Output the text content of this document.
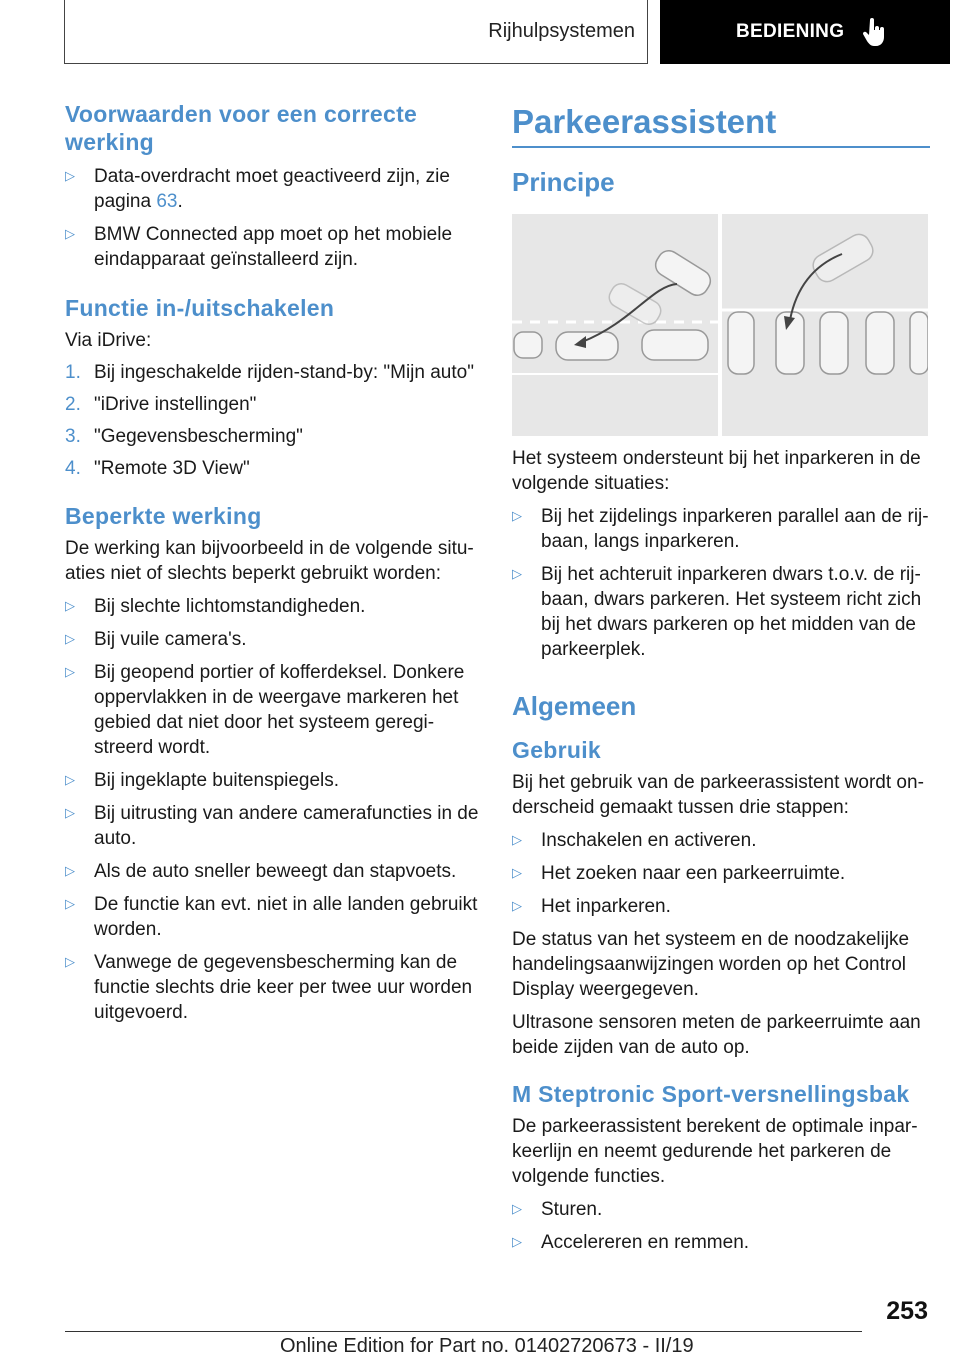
Rijhulpsystemen	BEDIENING
Voorwaarden voor een correcte werking
▷ Data-overdracht moet geactiveerd zijn, zie pagina 63.
▷ BMW Connected app moet op het mobiele eindapparaat geïnstalleerd zijn.
Functie in-/uitschakelen

Via iDrive:

1. Bij ingeschakelde rijden-stand-by: "Mijn auto"
2. "iDrive instellingen"
3. "Gegevensbescherming"
4. "Remote 3D View"
Beperkte werking

De werking kan bijvoorbeeld in de volgende situaties niet of slechts beperkt gebruikt worden:

▷ Bij slechte lichtomstandigheden.
▷ Bij vuile camera's.
▷ Bij geopend portier of kofferdeksel. Donkere oppervlakken in de weergave markeren het gebied dat niet door het systeem geregistreerd wordt.
▷ Bij ingeklapte buitenspiegels.
▷ Bij uitrusting van andere camerafuncties in de auto.
▷ Als de auto sneller beweegt dan stapvoets.
▷ De functie kan evt. niet in alle landen gebruikt worden.
▷ Vanwege de gegevensbescherming kan de functie slechts drie keer per twee uur worden uitgevoerd.
Parkeerassistent
Principe

Het systeem ondersteunt bij het inparkeren in de volgende situaties:

▷ Bij het zijdelings inparkeren parallel aan de rijbaan, langs inparkeren.
▷ Bij het achteruit inparkeren dwars t.o.v. de rijbaan, dwars parkeren. Het systeem richt zich bij het dwars parkeren op het midden van de parkeerplek.
Algemeen
Gebruik

Bij het gebruik van de parkeerassistent wordt onderscheid gemaakt tussen drie stappen:

▷ Inschakelen en activeren.
▷ Het zoeken naar een parkeerruimte.
▷ Het inparkeren.

De status van het systeem en de noodzakelijke handelingsaanwijzingen worden op het Control Display weergegeven.

Ultrasone sensoren meten de parkeerruimte aan beide zijden van de auto op.

M Steptronic Sport-versnellingsbak

De parkeerassistent berekent de optimale inparkeerlijn en neemt gedurende het parkeren de volgende functies.

▷ Sturen.
▷ Accelereren en remmen.
253
Online Edition for Part no. 01402720673 - II/19
